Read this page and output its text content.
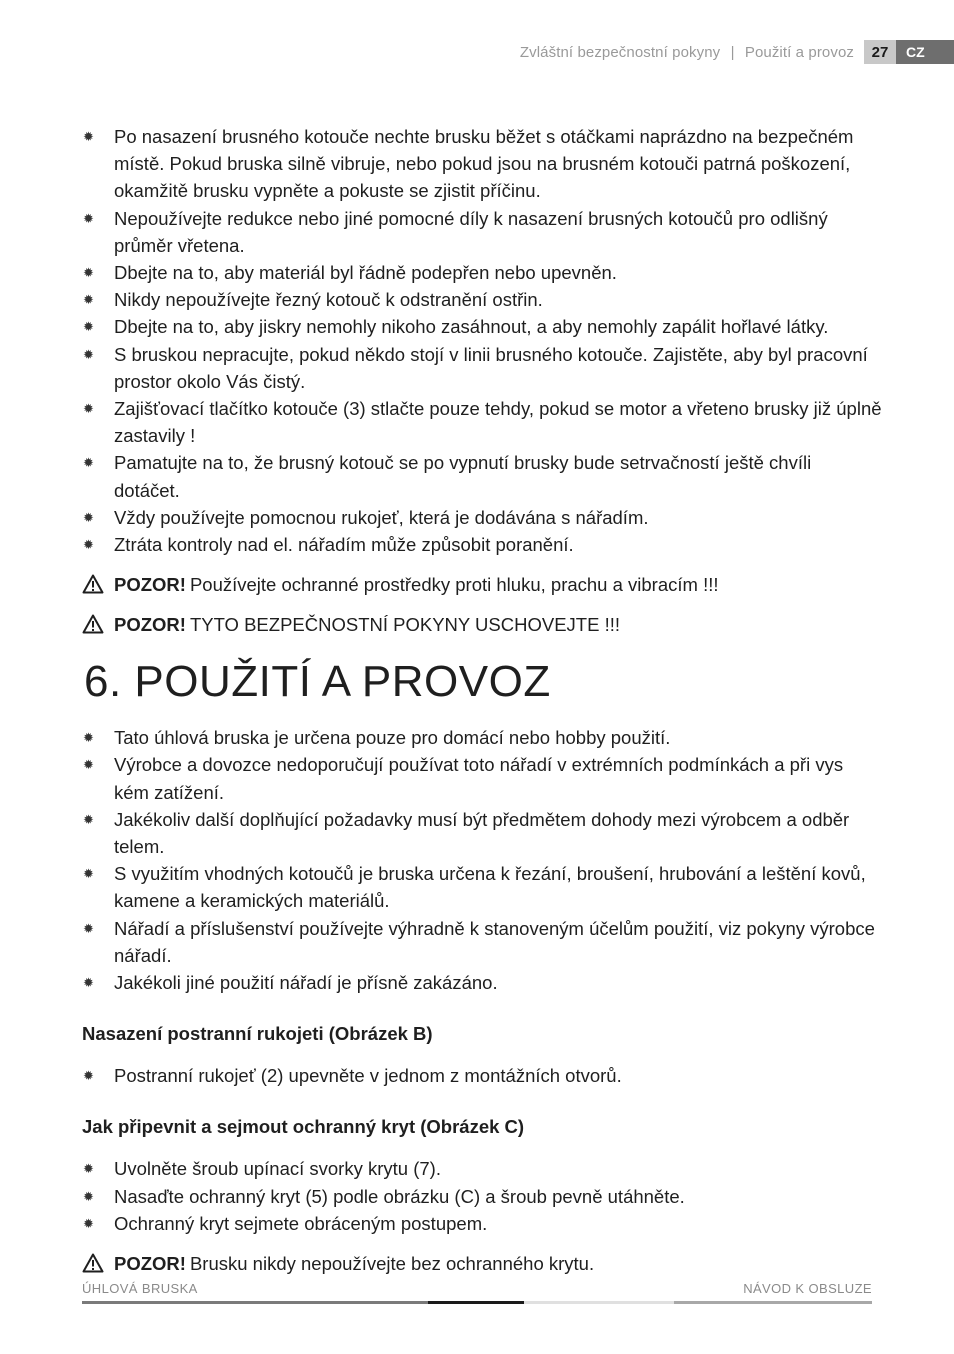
Zvláštní bezpečnostní pokyny | Použití a provoz	27	CZ
✹ Po nasazení brusného kotouče nechte brusku běžet s otáčkami naprázdno na bezpečném místě. Pokud bruska silně vibruje, nebo pokud jsou na brusném kotouči patrná poškození, okamžitě brusku vypněte a pokuste se zjistit příčinu.
✹ Nepoužívejte redukce nebo jiné pomocné díly k nasazení brusných kotoučů pro odlišný průměr vřetena.
✹ Dbejte na to, aby materiál byl řádně podepřen nebo upevněn.
✹ Nikdy nepoužívejte řezný kotouč k odstranění ostřin.
✹ Dbejte na to, aby jiskry nemohly nikoho zasáhnout, a aby nemohly zapálit hořlavé látky.
✹ S bruskou nepracujte, pokud někdo stojí v linii brusného kotouče. Zajistěte, aby byl pracovní prostor okolo Vás čistý.
✹ Zajišťovací tlačítko kotouče (3) stlačte pouze tehdy, pokud se motor a vřeteno brusky již úplně zastavily !
✹ Pamatujte na to, že brusný kotouč se po vypnutí brusky bude setrvačností ještě chvíli dotáčet.
✹ Vždy používejte pomocnou rukojeť, která je dodávána s nářadím.
✹ Ztráta kontroly nad el. nářadím může způsobit poranění.
POZOR! Používejte ochranné prostředky proti hluku, prachu a vibracím !!!
POZOR! TYTO BEZPEČNOSTNÍ POKYNY USCHOVEJTE !!!
6. POUŽITÍ A PROVOZ
✹ Tato úhlová bruska je určena pouze pro domácí nebo hobby použití.
✹ Výrobce a dovozce nedoporučují používat toto nářadí v extrémních podmínkách a při vys kém zatížení.
✹ Jakékoliv další doplňující požadavky musí být předmětem dohody mezi výrobcem a odběr telem.
✹ S využitím vhodných kotoučů je bruska určena k řezání, broušení, hrubování a leštění kovů, kamene a keramických materiálů.
✹ Nářadí a příslušenství používejte výhradně k stanoveným účelům použití, viz pokyny výrobce nářadí.
✹ Jakékoli jiné použití nářadí je přísně zakázáno.
Nasazení postranní rukojeti (Obrázek B)
✹ Postranní rukojeť (2) upevněte v jednom z montážních otvorů.
Jak připevnit a sejmout ochranný kryt (Obrázek C)
✹ Uvolněte šroub upínací svorky krytu (7).
✹ Nasaďte ochranný kryt (5) podle obrázku (C) a šroub pevně utáhněte.
✹ Ochranný kryt sejmete obráceným postupem.
POZOR! Brusku nikdy nepoužívejte bez ochranného krytu.
ÚHLOVÁ BRUSKA	NÁVOD K OBSLUZE
